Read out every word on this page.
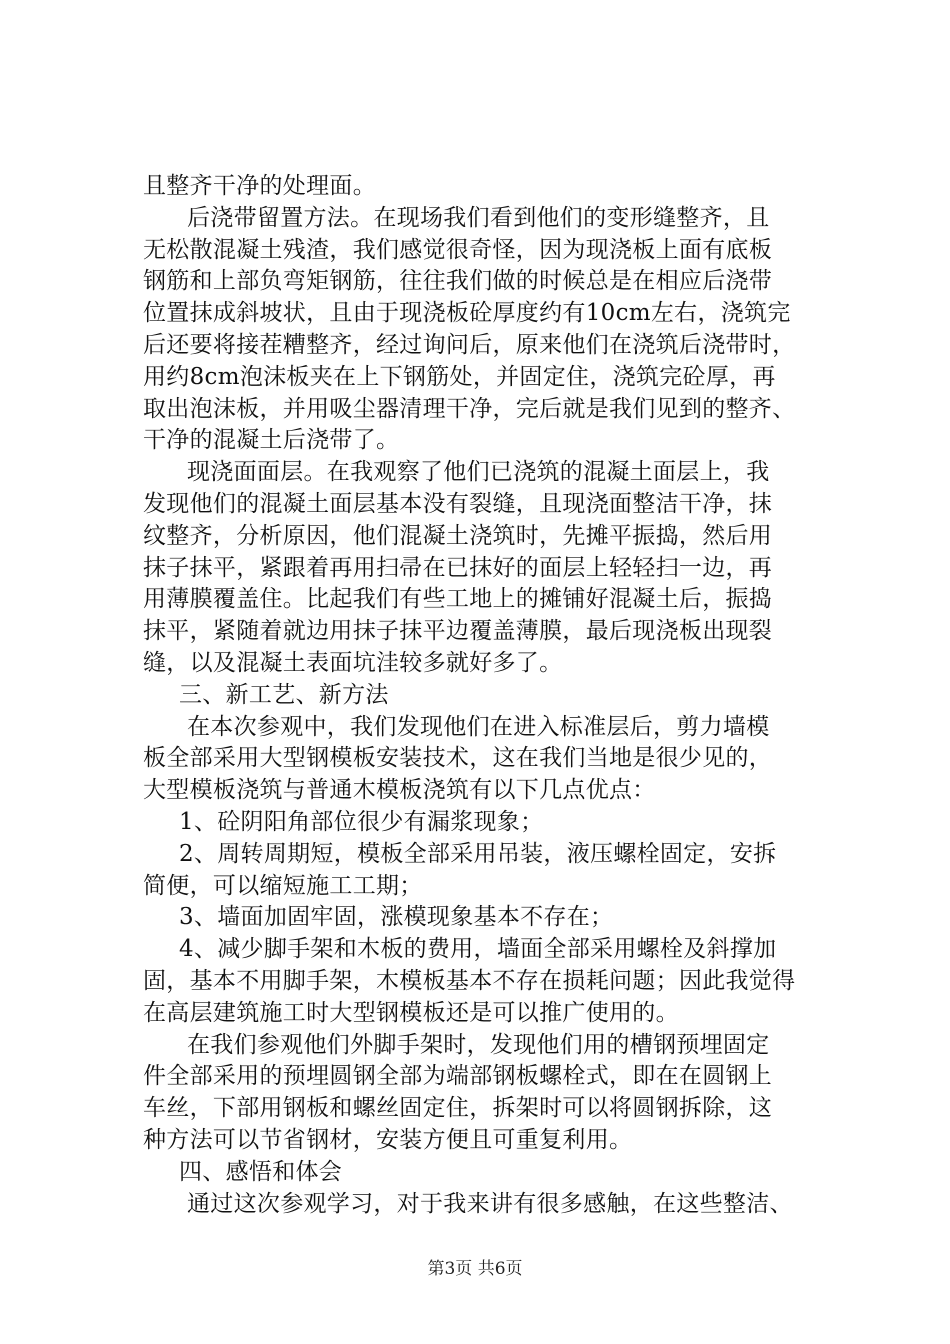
且整齐干净的处理面。
后浇带留置方法。在现场我们看到他们的变形缝整齐，且
无松散混凝土残渣，我们感觉很奇怪，因为现浇板上面有底板
钢筋和上部负弯矩钢筋，往往我们做的时候总是在相应后浇带
位置抹成斜坡状，且由于现浇板砼厚度约有10cm左右，浇筑完
后还要将接茬糟整齐，经过询问后，原来他们在浇筑后浇带时，
用约8cm泡沫板夹在上下钢筋处，并固定住，浇筑完砼厚，再
取出泡沫板，并用吸尘器清理干净，完后就是我们见到的整齐、
干净的混凝土后浇带了。
现浇面面层。在我观察了他们已浇筑的混凝土面层上，我
发现他们的混凝土面层基本没有裂缝，且现浇面整洁干净，抹
纹整齐，分析原因，他们混凝土浇筑时，先摊平振捣，然后用
抹子抹平，紧跟着再用扫帚在已抹好的面层上轻轻扫一边，再
用薄膜覆盖住。比起我们有些工地上的摊铺好混凝土后，振捣
抹平，紧随着就边用抹子抹平边覆盖薄膜，最后现浇板出现裂
缝，以及混凝土表面坑洼较多就好多了。
三、新工艺、新方法
在本次参观中，我们发现他们在进入标准层后，剪力墙模
板全部采用大型钢模板安装技术，这在我们当地是很少见的，
大型模板浇筑与普通木模板浇筑有以下几点优点：
1、砼阴阳角部位很少有漏浆现象；
2、周转周期短，模板全部采用吊装，液压螺栓固定，安拆
简便，可以缩短施工工期；
3、墙面加固牢固，涨模现象基本不存在；
4、减少脚手架和木板的费用，墙面全部采用螺栓及斜撑加
固，基本不用脚手架，木模板基本不存在损耗问题；因此我觉得
在高层建筑施工时大型钢模板还是可以推广使用的。
在我们参观他们外脚手架时，发现他们用的槽钢预埋固定
件全部采用的预埋圆钢全部为端部钢板螺栓式，即在在圆钢上
车丝，下部用钢板和螺丝固定住，拆架时可以将圆钢拆除，这
种方法可以节省钢材，安装方便且可重复利用。
四、感悟和体会
通过这次参观学习，对于我来讲有很多感触，在这些整洁、
第3页 共6页
